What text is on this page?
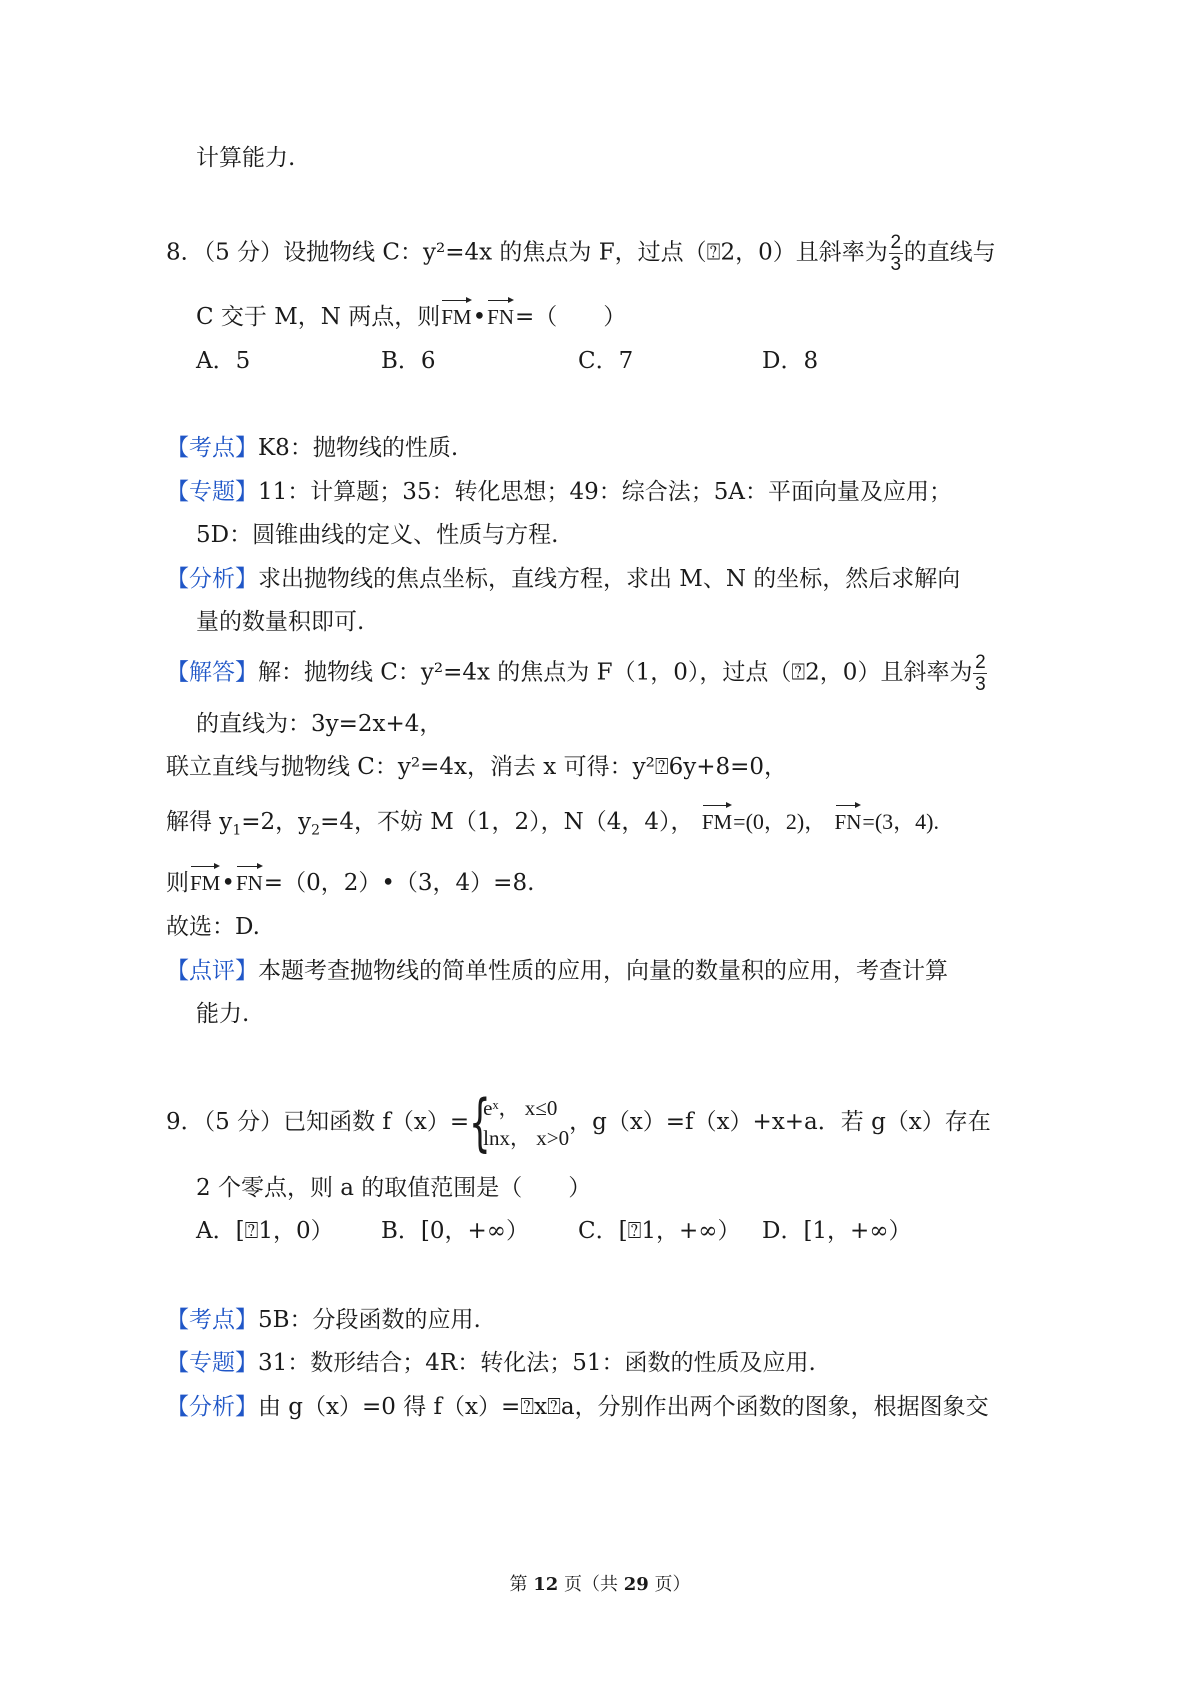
计算能力.
8．（5 分）设抛物线 C：y²=4x 的焦点为 F，过点（⍰2，0）且斜率为 $\frac{2}{3}$ 的直线与
C 交于 M，N 两点，则FM•FN=（　　）
A．5	B．6	C．7	D．8
【考点】K8：抛物线的性质.
【专题】11：计算题；35：转化思想；49：综合法；5A：平面向量及应用；
5D：圆锥曲线的定义、性质与方程.
【分析】求出抛物线的焦点坐标，直线方程，求出 M、N 的坐标，然后求解向
量的数量积即可.
【解答】解：抛物线 C：y²=4x 的焦点为 F（1，0），过点（⍰2，0）且斜率为 $\frac{2}{3}$
的直线为：3y=2x+4，
联立直线与抛物线 C：y²=4x，消去 x 可得：y²⍰6y+8=0，
解得 $y_1=2$，$y_2=4$，不妨 M（1，2），N（4，4）， FM=(0，2)， FN=(3，4).
则FM•FN=（0，2）•（3，4）=8.
故选：D.
【点评】本题考查抛物线的简单性质的应用，向量的数量积的应用，考查计算
能力.
9．（5 分）已知函数 f（x）= {
eˣ， x≤0
lnx， x>0
，g（x）=f（x）+x+a．若 g（x）存在
2 个零点，则 a 的取值范围是（　　）
A．[⍰1，0） B．[0，+∞） C．[⍰1，+∞） D．[1，+∞）
【考点】5B：分段函数的应用.
【专题】31：数形结合；4R：转化法；51：函数的性质及应用.
【分析】由 g（x）=0 得 f（x）=⍰x⍰a，分别作出两个函数的图象，根据图象交
第 12 页（共 29 页）
